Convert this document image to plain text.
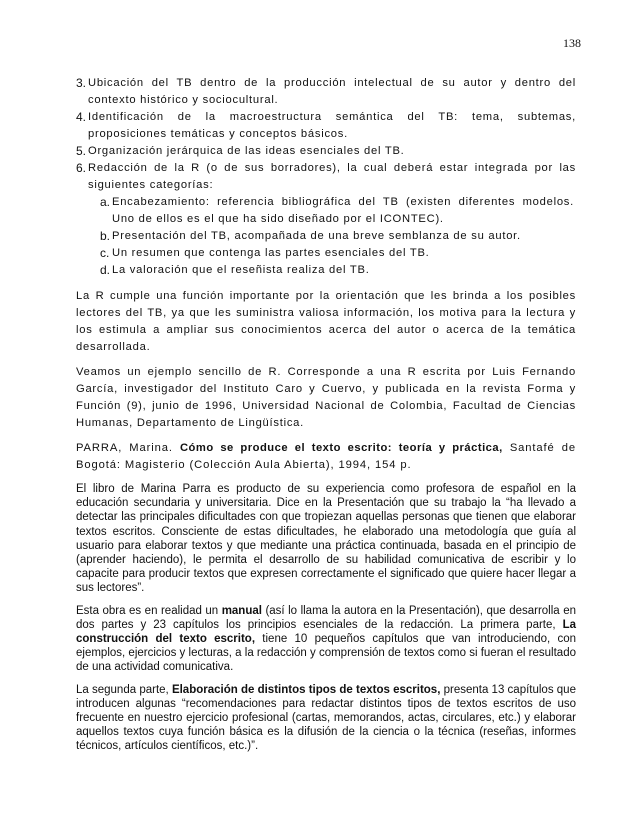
138
3. Ubicación del TB dentro de la producción intelectual de su autor y dentro del contexto histórico y sociocultural.
4. Identificación de la macroestructura semántica del TB: tema, subtemas, proposiciones temáticas y conceptos básicos.
5. Organización jerárquica de las ideas esenciales del TB.
6. Redacción de la R (o de sus borradores), la cual deberá estar integrada por las siguientes categorías:
a. Encabezamiento: referencia bibliográfica del TB (existen diferentes modelos. Uno de ellos es el que ha sido diseñado por el ICONTEC).
b. Presentación del TB, acompañada de una breve semblanza de su autor.
c. Un resumen que contenga las partes esenciales del TB.
d. La valoración que el reseñista realiza del TB.

La R cumple una función importante por la orientación que les brinda a los posibles lectores del TB, ya que les suministra valiosa información, los motiva para la lectura y los estimula a ampliar sus conocimientos acerca del autor o acerca de la temática desarrollada.

Veamos un ejemplo sencillo de R. Corresponde a una R escrita por Luis Fernando García, investigador del Instituto Caro y Cuervo, y publicada en la revista Forma y Función (9), junio de 1996, Universidad Nacional de Colombia, Facultad de Ciencias Humanas, Departamento de Lingüística.

PARRA, Marina. Cómo se produce el texto escrito: teoría y práctica, Santafé de Bogotá: Magisterio (Colección Aula Abierta), 1994, 154 p.

El libro de Marina Parra es producto de su experiencia como profesora de español en la educación secundaria y universitaria. Dice en la Presentación que su trabajo la “ha llevado a detectar las principales dificultades con que tropiezan aquellas personas que tienen que elaborar textos escritos. Consciente de estas dificultades, he elaborado una metodología que guía al usuario para elaborar textos y que mediante una práctica continuada, basada en el principio de (aprender haciendo), le permita el desarrollo de su habilidad comunicativa de escribir y lo capacite para producir textos que expresen correctamente el significado que quiere hacer llegar a sus lectores”.

Esta obra es en realidad un manual (así lo llama la autora en la Presentación), que desarrolla en dos partes y 23 capítulos los principios esenciales de la redacción. La primera parte, La construcción del texto escrito, tiene 10 pequeños capítulos que van introduciendo, con ejemplos, ejercicios y lecturas, a la redacción y comprensión de textos como si fueran el resultado de una actividad comunicativa.

La segunda parte, Elaboración de distintos tipos de textos escritos, presenta 13 capítulos que introducen algunas “recomendaciones para redactar distintos tipos de textos escritos de uso frecuente en nuestro ejercicio profesional (cartas, memorandos, actas, circulares, etc.) y elaborar aquellos textos cuya función básica es la difusión de la ciencia o la técnica (reseñas, informes técnicos, artículos científicos, etc.)”.
